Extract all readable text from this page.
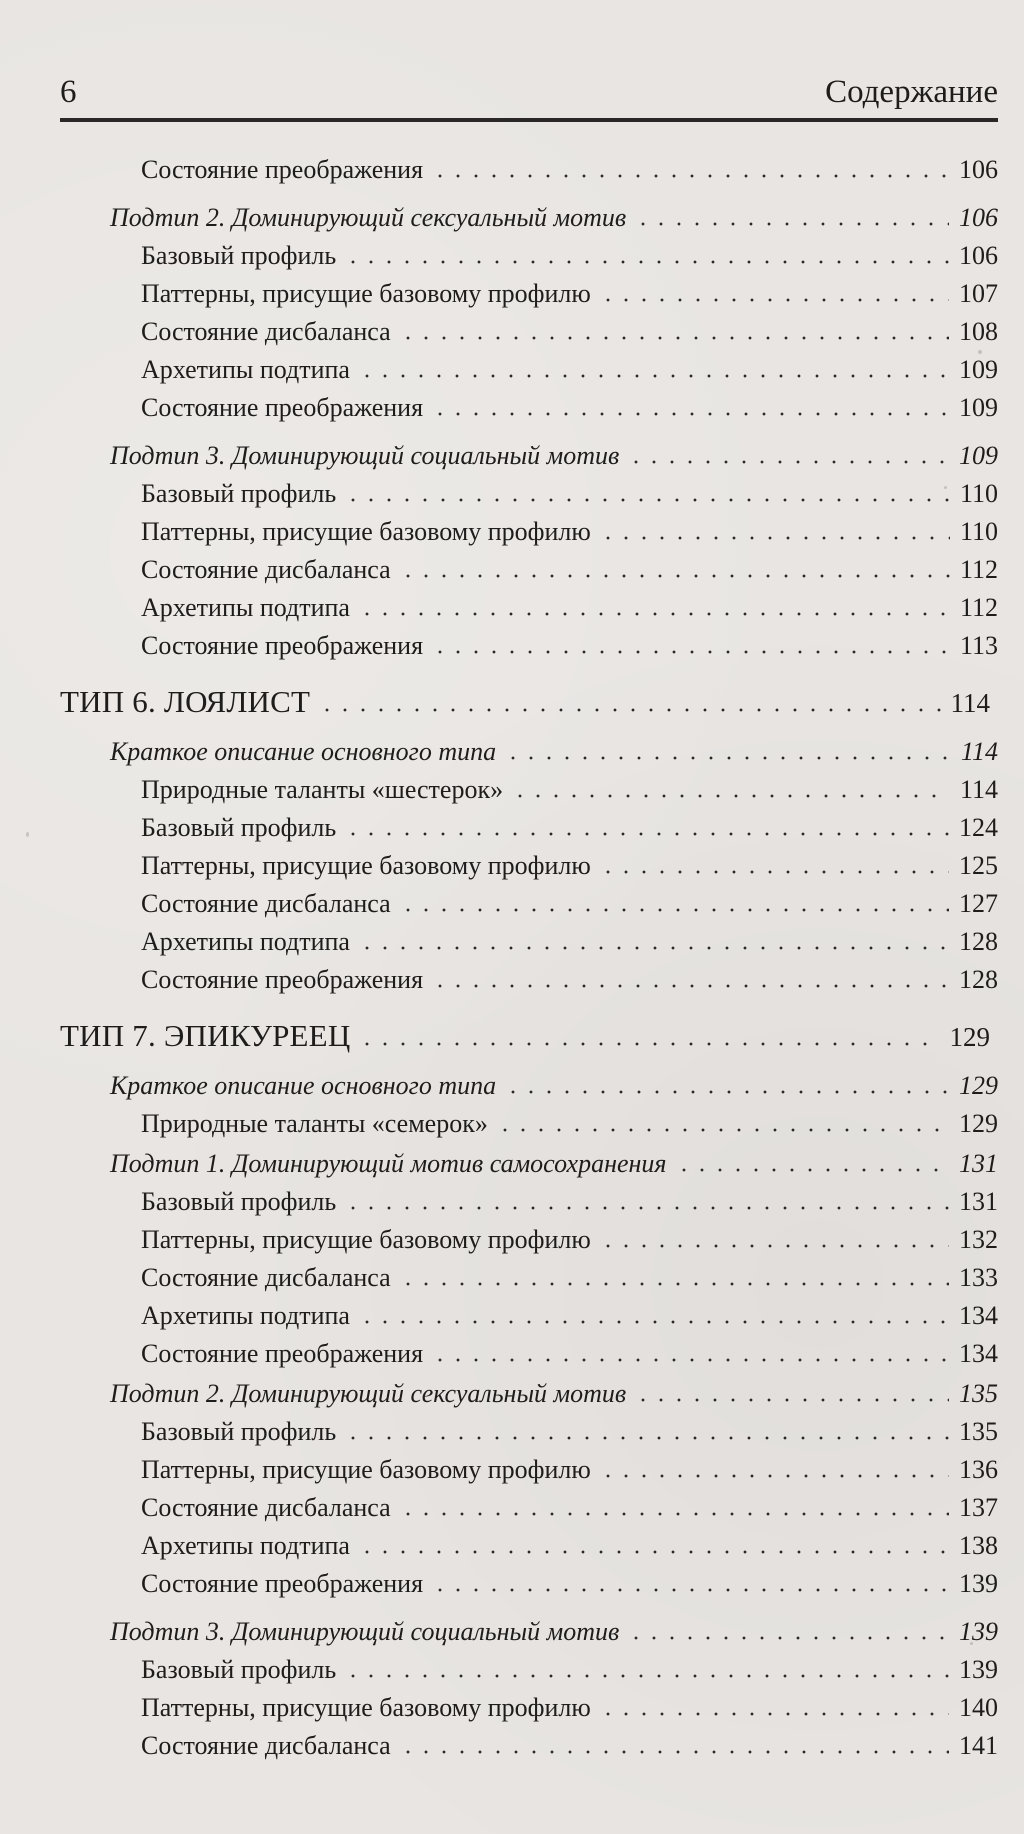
6	Содержание
Состояние преображения	106
Подтип 2. Доминирующий сексуальный мотив	106
Базовый профиль	106
Паттерны, присущие базовому профилю	107
Состояние дисбаланса	108
Архетипы подтипа	109
Состояние преображения	109
Подтип 3. Доминирующий социальный мотив	109
Базовый профиль	110
Паттерны, присущие базовому профилю	110
Состояние дисбаланса	112
Архетипы подтипа	112
Состояние преображения	113
ТИП 6. ЛОЯЛИСТ	114
Краткое описание основного типа	114
Природные таланты «шестерок»	114
Базовый профиль	124
Паттерны, присущие базовому профилю	125
Состояние дисбаланса	127
Архетипы подтипа	128
Состояние преображения	128
ТИП 7. ЭПИКУРЕЕЦ	129
Краткое описание основного типа	129
Природные таланты «семерок»	129
Подтип 1. Доминирующий мотив самосохранения	131
Базовый профиль	131
Паттерны, присущие базовому профилю	132
Состояние дисбаланса	133
Архетипы подтипа	134
Состояние преображения	134
Подтип 2. Доминирующий сексуальный мотив	135
Базовый профиль	135
Паттерны, присущие базовому профилю	136
Состояние дисбаланса	137
Архетипы подтипа	138
Состояние преображения	139
Подтип 3. Доминирующий социальный мотив	139
Базовый профиль	139
Паттерны, присущие базовому профилю	140
Состояние дисбаланса	141
